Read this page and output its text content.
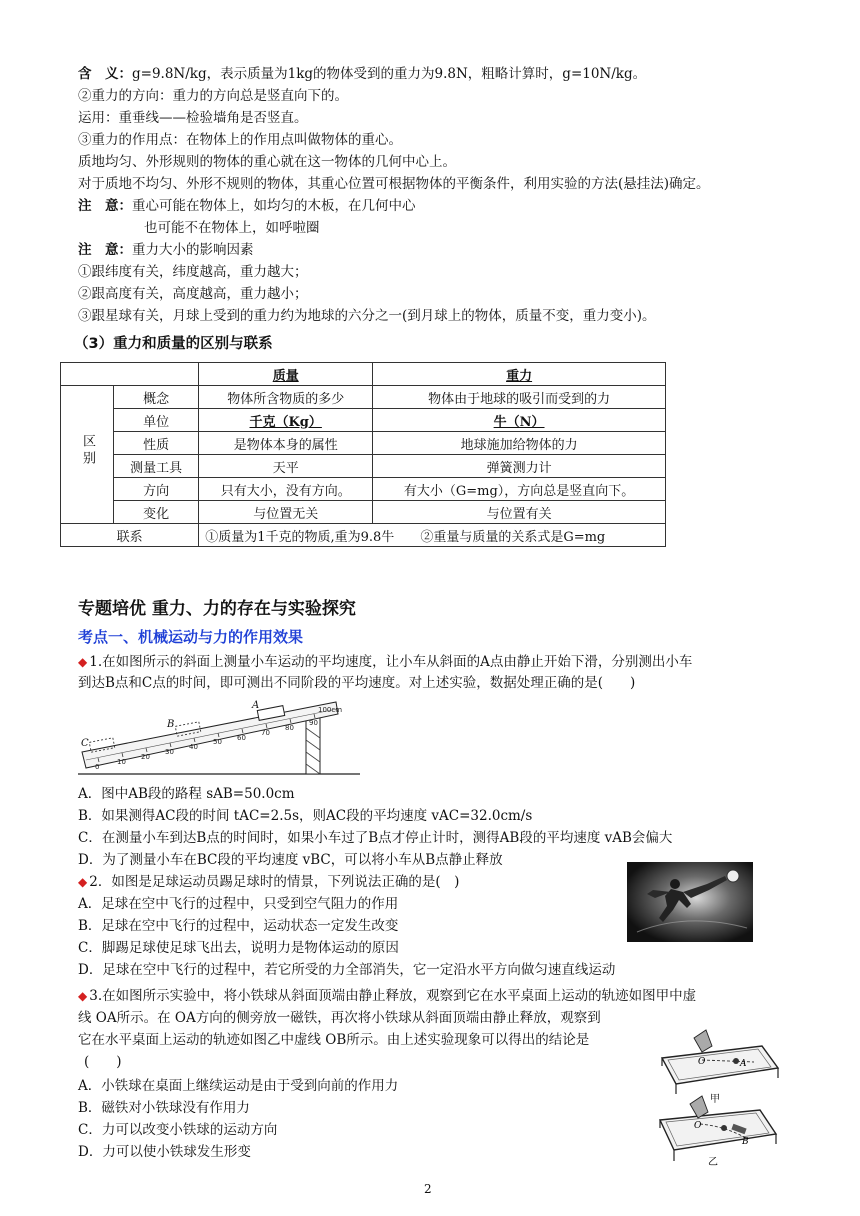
含　义：g=9.8N/kg，表示质量为1kg的物体受到的重力为9.8N，粗略计算时，g=10N/kg。
②重力的方向：重力的方向总是竖直向下的。
运用：重垂线——检验墙角是否竖直。
③重力的作用点：在物体上的作用点叫做物体的重心。
质地均匀、外形规则的物体的重心就在这一物体的几何中心上。
对于质地不均匀、外形不规则的物体，其重心位置可根据物体的平衡条件，利用实验的方法(悬挂法)确定。
注　意：重心可能在物体上，如均匀的木板，在几何中心
也可能不在物体上，如呼啦圈
注　意：重力大小的影响因素
①跟纬度有关，纬度越高，重力越大；
②跟高度有关，高度越高，重力越小；
③跟星球有关，月球上受到的重力约为地球的六分之一(到月球上的物体，质量不变，重力变小)。
（3）重力和质量的区别与联系
		质量	重力
区别	概念	物体所含物质的多少	物体由于地球的吸引而受到的力
	单位	千克（Kg）	牛（N）
	性质	是物体本身的属性	地球施加给物体的力
	测量工具	天平	弹簧测力计
	方向	只有大小，没有方向。	有大小（G=mg），方向总是竖直向下。
	变化	与位置无关	与位置有关
联系		①质量为1千克的物质,重为9.8牛　　 ②重量与质量的关系式是G=mg	
专题培优 重力、力的存在与实验探究
考点一、机械运动与力的作用效果
◆ 1.在如图所示的斜面上测量小车运动的平均速度，让小车从斜面的A点由静止开始下滑，分别测出小车
到达B点和C点的时间，即可测出不同阶段的平均速度。对上述实验，数据处理正确的是(　　)
0
10
20
30
40
50 60
70
80
90
100cm
A
B
C
A．图中AB段的路程 sAB=50.0cm
B．如果测得AC段的时间 tAC=2.5s，则AC段的平均速度 vAC=32.0cm/s
C．在测量小车到达B点的时间时，如果小车过了B点才停止计时，测得AB段的平均速度 vAB会偏大
D．为了测量小车在BC段的平均速度 vBC，可以将小车从B点静止释放
◆ 2．如图是足球运动员踢足球时的情景，下列说法正确的是(　)
A．足球在空中飞行的过程中，只受到空气阻力的作用
B．足球在空中飞行的过程中，运动状态一定发生改变
C．脚踢足球使足球飞出去，说明力是物体运动的原因
D．足球在空中飞行的过程中，若它所受的力全部消失，它一定沿水平方向做匀速直线运动
◆ 3.在如图所示实验中，将小铁球从斜面顶端由静止释放，观察到它在水平桌面上运动的轨迹如图甲中虚
线 OA所示。在 OA方向的侧旁放一磁铁，再次将小铁球从斜面顶端由静止释放，观察到
它在水平桌面上运动的轨迹如图乙中虚线 OB所示。由上述实验现象可以得出的结论是
(　　)
A．小铁球在桌面上继续运动是由于受到向前的作用力
B．磁铁对小铁球没有作用力
C．力可以改变小铁球的运动方向
D．力可以使小铁球发生形变
O	A
甲
O
B
乙
2
